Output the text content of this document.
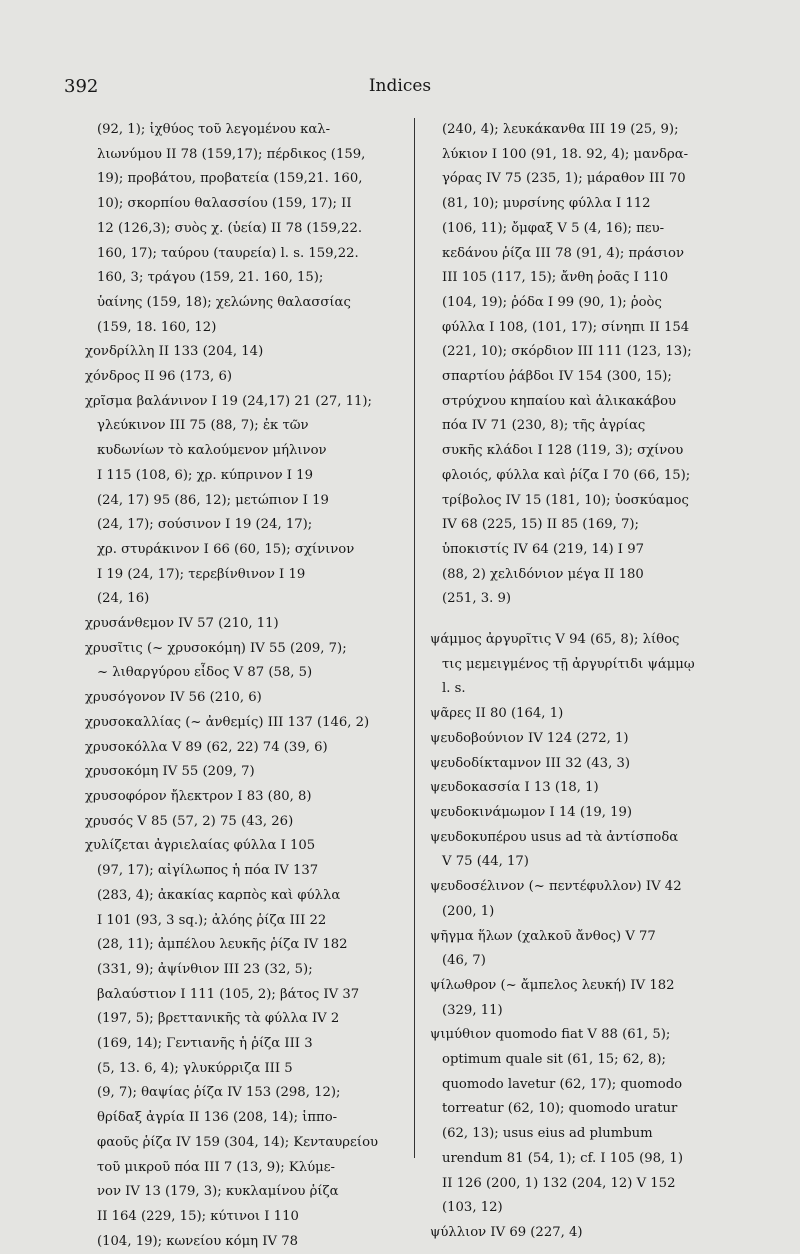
392	Indices
(92, 1); ἰχθύος τοῦ λεγομένου καλ-
λιωνύμου II 78 (159,17); πέρδικος (159,
19); προβάτου, προβατεία (159,21. 160,
10); σκορπίου θαλασσίου (159, 17); II
12 (126,3); συὸς χ. (ὑεία) II 78 (159,22.
160, 17); ταύρου (ταυρεία) l. s. 159,22.
160, 3; τράγου (159, 21. 160, 15);
ὑαίνης (159, 18); χελώνης θαλασσίας
(159, 18. 160, 12)
χονδρίλλη II 133 (204, 14)
χόνδρος II 96 (173, 6)
χρῖσμα βαλάνινον I 19 (24,17) 21 (27, 11);
γλεύκινον III 75 (88, 7); ἐκ τῶν
κυδωνίων τὸ καλούμενον μήλινον
I 115 (108, 6); χρ. κύπρινον I 19
(24, 17) 95 (86, 12); μετώπιον I 19
(24, 17); σούσινον I 19 (24, 17);
χρ. στυράκινον I 66 (60, 15); σχίνινον
I 19 (24, 17); τερεβίνθινον I 19
(24, 16)
χρυσάνθεμον IV 57 (210, 11)
χρυσῖτις (~ χρυσοκόμη) IV 55 (209, 7);
~ λιθαργύρου εἶδος V 87 (58, 5)
χρυσόγονον IV 56 (210, 6)
χρυσοκαλλίας (~ ἀνθεμίς) III 137 (146, 2)
χρυσοκόλλα V 89 (62, 22) 74 (39, 6)
χρυσοκόμη IV 55 (209, 7)
χρυσοφόρον ἤλεκτρον I 83 (80, 8)
χρυσός V 85 (57, 2) 75 (43, 26)
χυλίζεται ἀγριελαίας φύλλα I 105
(97, 17); αἰγίλωπος ἡ πόα IV 137
(283, 4); ἀκακίας καρπὸς καὶ φύλλα
I 101 (93, 3 sq.); ἀλόης ῥίζα III 22
(28, 11); ἀμπέλου λευκῆς ῥίζα IV 182
(331, 9); ἀψίνθιον III 23 (32, 5);
βαλαύστιον I 111 (105, 2); βάτος IV 37
(197, 5); βρεττανικῆς τὰ φύλλα IV 2
(169, 14); Γεντιανῆς ἡ ῥίζα III 3
(5, 13. 6, 4); γλυκύρριζα III 5
(9, 7); θαψίας ῥίζα IV 153 (298, 12);
θρίδαξ ἀγρία II 136 (208, 14); ἱππο-
φαοῦς ῥίζα IV 159 (304, 14); Κενταυρείου
τοῦ μικροῦ πόα III 7 (13, 9); Κλύμε-
νον IV 13 (179, 3); κυκλαμίνου ῥίζα
II 164 (229, 15); κύτινοι I 110
(104, 19); κωνείου κόμη IV 78
(240, 4); λευκάκανθα III 19 (25, 9);
λύκιον I 100 (91, 18. 92, 4); μανδρα-
γόρας IV 75 (235, 1); μάραθον III 70
(81, 10); μυρσίνης φύλλα I 112
(106, 11); ὄμφαξ V 5 (4, 16); πευ-
κεδάνου ῥίζα III 78 (91, 4); πράσιον
III 105 (117, 15); ἄνθη ῥοᾶς I 110
(104, 19); ῥόδα I 99 (90, 1); ῥοὸς
φύλλα I 108, (101, 17); σίνηπι II 154
(221, 10); σκόρδιον III 111 (123, 13);
σπαρτίου ῥάβδοι IV 154 (300, 15);
στρύχνου κηπαίου καὶ ἁλικακάβου
πόα IV 71 (230, 8); τῆς ἀγρίας
συκῆς κλάδοι I 128 (119, 3); σχίνου
φλοιός, φύλλα καὶ ῥίζα I 70 (66, 15);
τρίβολος IV 15 (181, 10); ὑοσκύαμος
IV 68 (225, 15) II 85 (169, 7);
ὑποκιστίς IV 64 (219, 14) I 97
(88, 2) χελιδόνιον μέγα II 180
(251, 3. 9)
ψάμμος ἀργυρῖτις V 94 (65, 8); λίθος
τις μεμειγμένος τῇ ἀργυρίτιδι ψάμμῳ
l. s.
ψᾶρες II 80 (164, 1)
ψευδοβούνιον IV 124 (272, 1)
ψευδοδίκταμνον III 32 (43, 3)
ψευδοκασσία I 13 (18, 1)
ψευδοκινάμωμον I 14 (19, 19)
ψευδοκυπέρου usus ad τὰ ἀντίσποδα
V 75 (44, 17)
ψευδοσέλινον (~ πεντέφυλλον) IV 42
(200, 1)
ψῆγμα ἥλων (χαλκοῦ ἄνθος) V 77
(46, 7)
ψίλωθρον (~ ἄμπελος λευκή) IV 182
(329, 11)
ψιμύθιον quomodo fiat V 88 (61, 5);
optimum quale sit (61, 15; 62, 8);
quomodo lavetur (62, 17); quomodo
torreatur (62, 10); quomodo uratur
(62, 13); usus eius ad plumbum
urendum 81 (54, 1); cf. I 105 (98, 1)
II 126 (200, 1) 132 (204, 12) V 152
(103, 12)
ψύλλιον IV 69 (227, 4)
